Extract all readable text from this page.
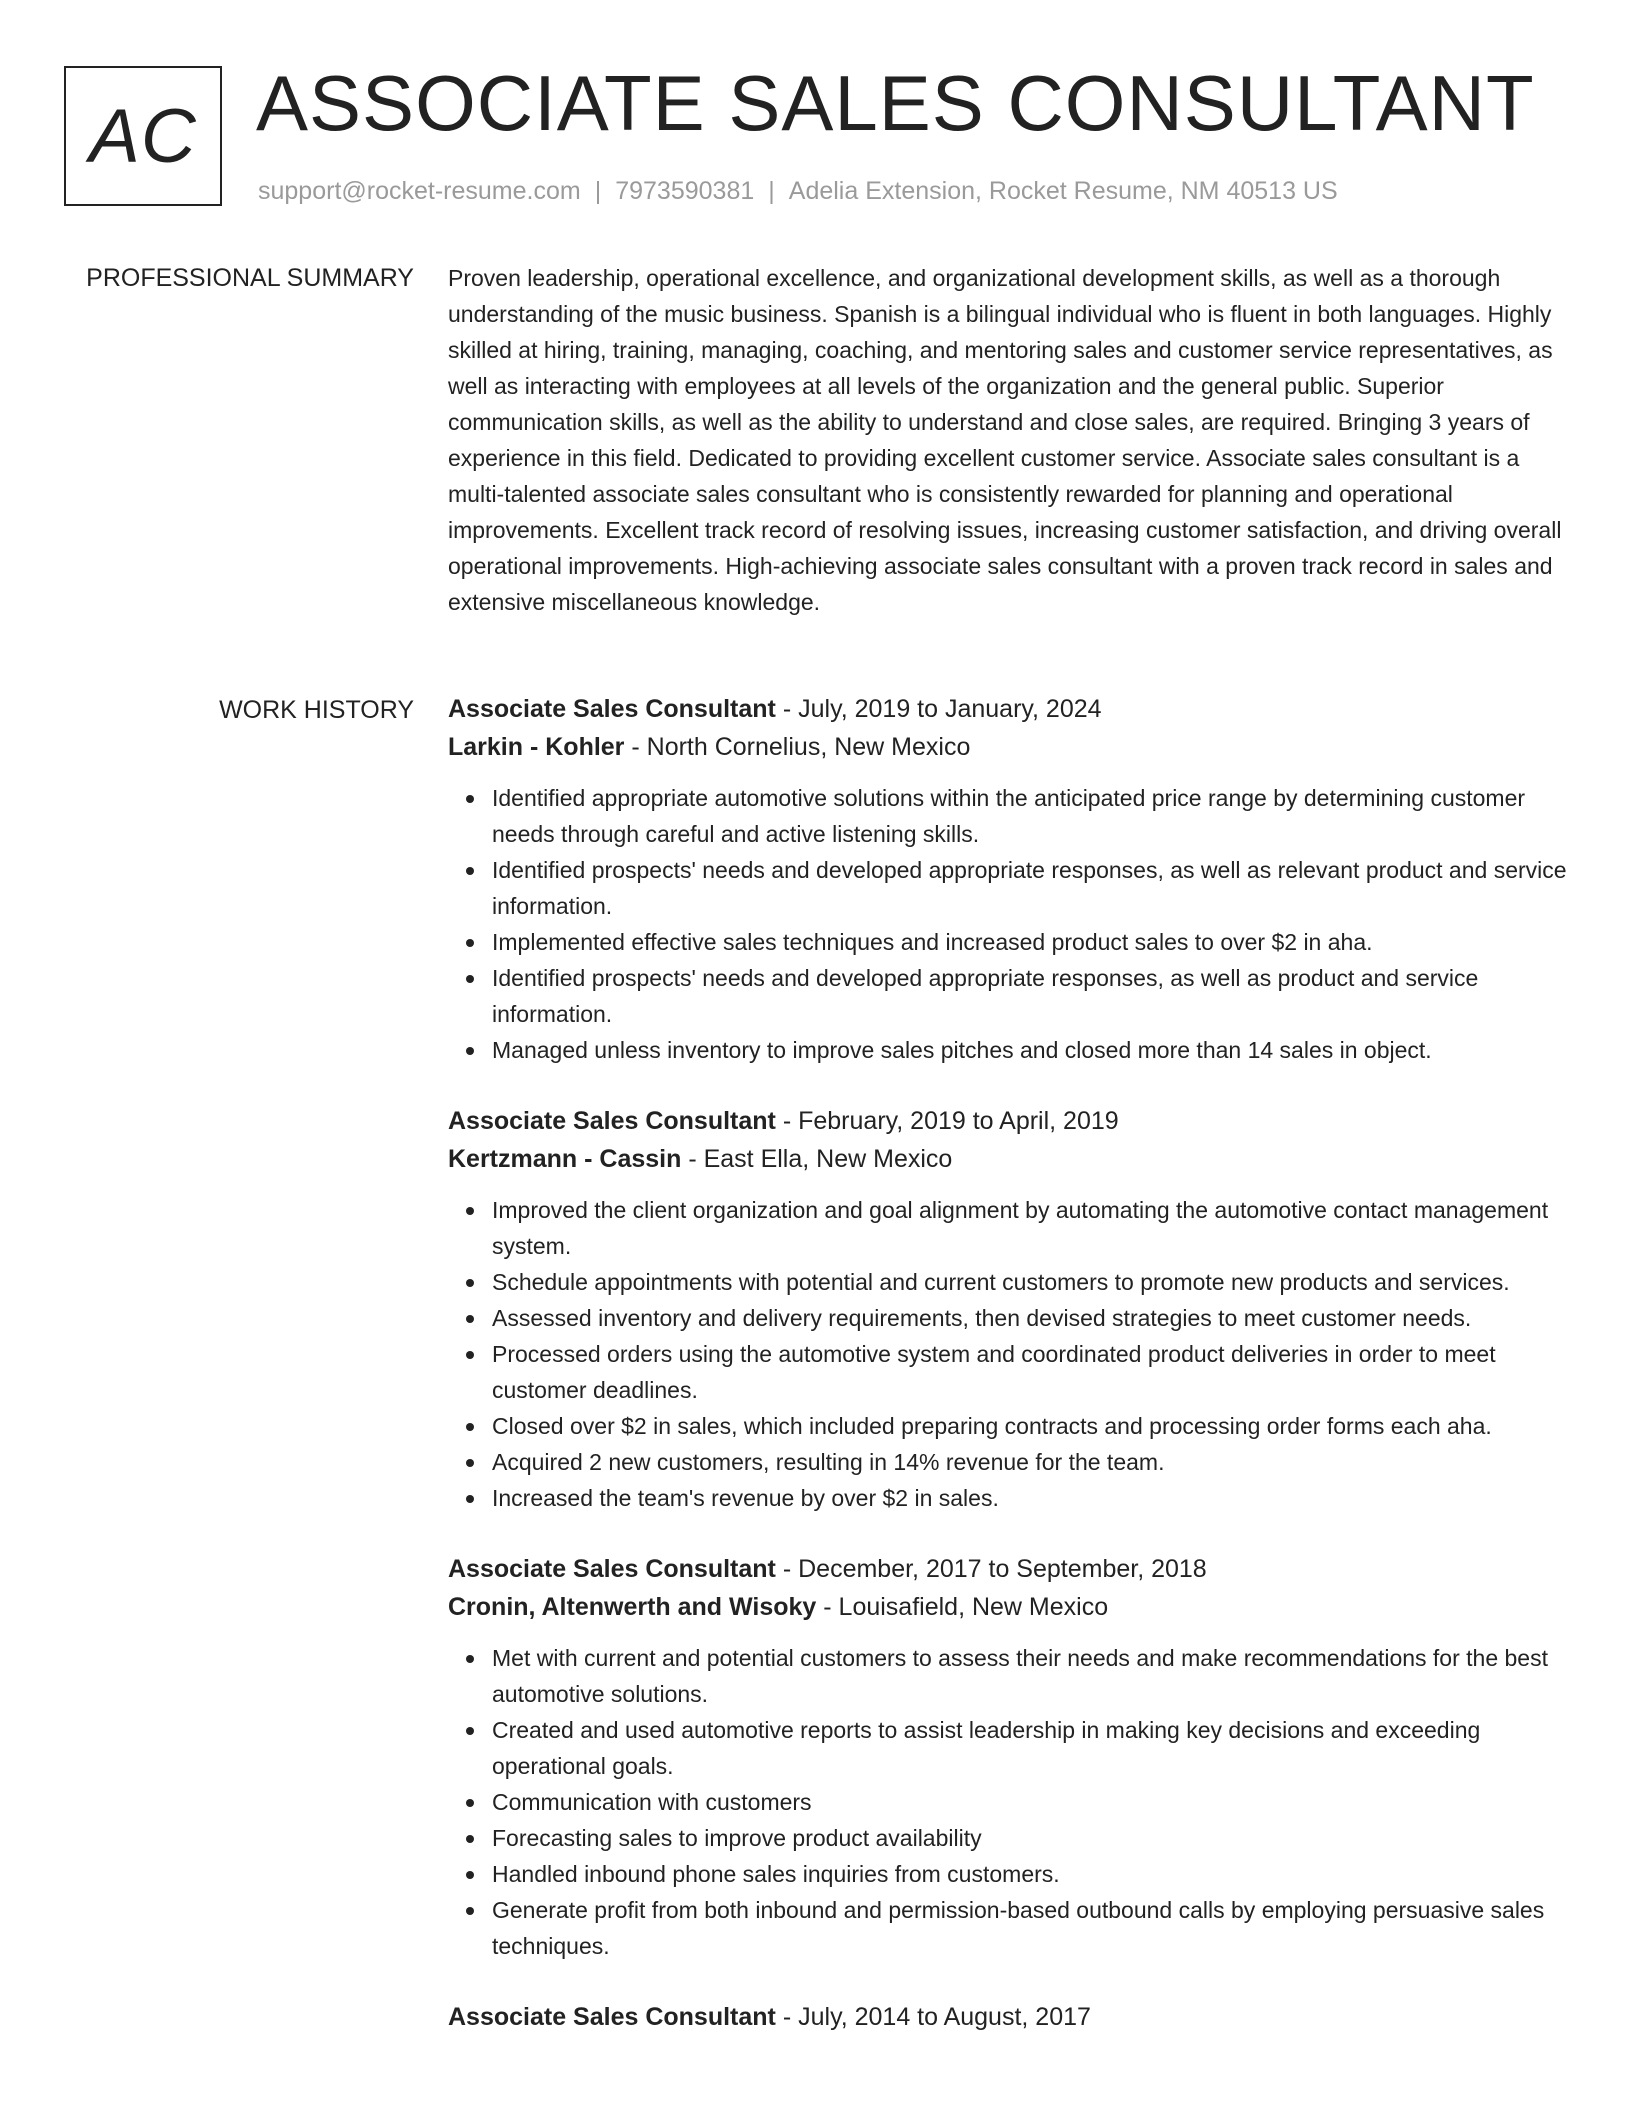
AC ASSOCIATE SALES CONSULTANT
support@rocket-resume.com | 7973590381 | Adelia Extension, Rocket Resume, NM 40513 US
PROFESSIONAL SUMMARY Proven leadership, operational excellence, and organizational development skills, as well as a thorough understanding of the music business. Spanish is a bilingual individual who is fluent in both languages. Highly skilled at hiring, training, managing, coaching, and mentoring sales and customer service representatives, as well as interacting with employees at all levels of the organization and the general public. Superior communication skills, as well as the ability to understand and close sales, are required. Bringing 3 years of experience in this field. Dedicated to providing excellent customer service. Associate sales consultant is a multi-talented associate sales consultant who is consistently rewarded for planning and operational improvements. Excellent track record of resolving issues, increasing customer satisfaction, and driving overall operational improvements. High-achieving associate sales consultant with a proven track record in sales and extensive miscellaneous knowledge.

WORK HISTORY Associate Sales Consultant - July, 2019 to January, 2024
Larkin - Kohler - North Cornelius, New Mexico
Identified appropriate automotive solutions within the anticipated price range by determining customer needs through careful and active listening skills.
Identified prospects' needs and developed appropriate responses, as well as relevant product and service information.
Implemented effective sales techniques and increased product sales to over $2 in aha.
Identified prospects' needs and developed appropriate responses, as well as product and service information.
Managed unless inventory to improve sales pitches and closed more than 14 sales in object.
Associate Sales Consultant - February, 2019 to April, 2019
Kertzmann - Cassin - East Ella, New Mexico
Improved the client organization and goal alignment by automating the automotive contact management system.
Schedule appointments with potential and current customers to promote new products and services.
Assessed inventory and delivery requirements, then devised strategies to meet customer needs.
Processed orders using the automotive system and coordinated product deliveries in order to meet customer deadlines.
Closed over $2 in sales, which included preparing contracts and processing order forms each aha.
Acquired 2 new customers, resulting in 14% revenue for the team.
Increased the team's revenue by over $2 in sales.
Associate Sales Consultant - December, 2017 to September, 2018
Cronin, Altenwerth and Wisoky - Louisafield, New Mexico
Met with current and potential customers to assess their needs and make recommendations for the best automotive solutions.
Created and used automotive reports to assist leadership in making key decisions and exceeding operational goals.
Communication with customers
Forecasting sales to improve product availability
Handled inbound phone sales inquiries from customers.
Generate profit from both inbound and permission-based outbound calls by employing persuasive sales techniques.
Associate Sales Consultant - July, 2014 to August, 2017
